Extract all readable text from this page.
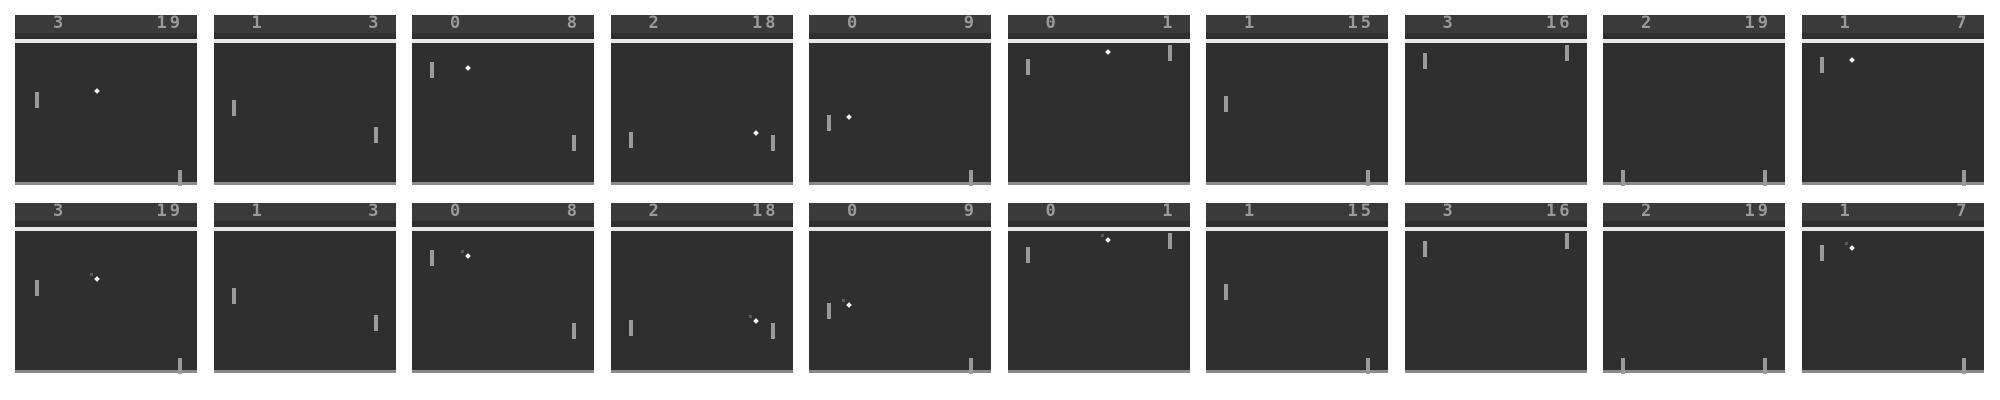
3	19	1	3	0	8	2	18	0	9	0	1	1	15	3	16	2	19	1	7
3	19	1	3	0	8	2	18	0	9	0	1	1	15	3	16	2	19	1	7
